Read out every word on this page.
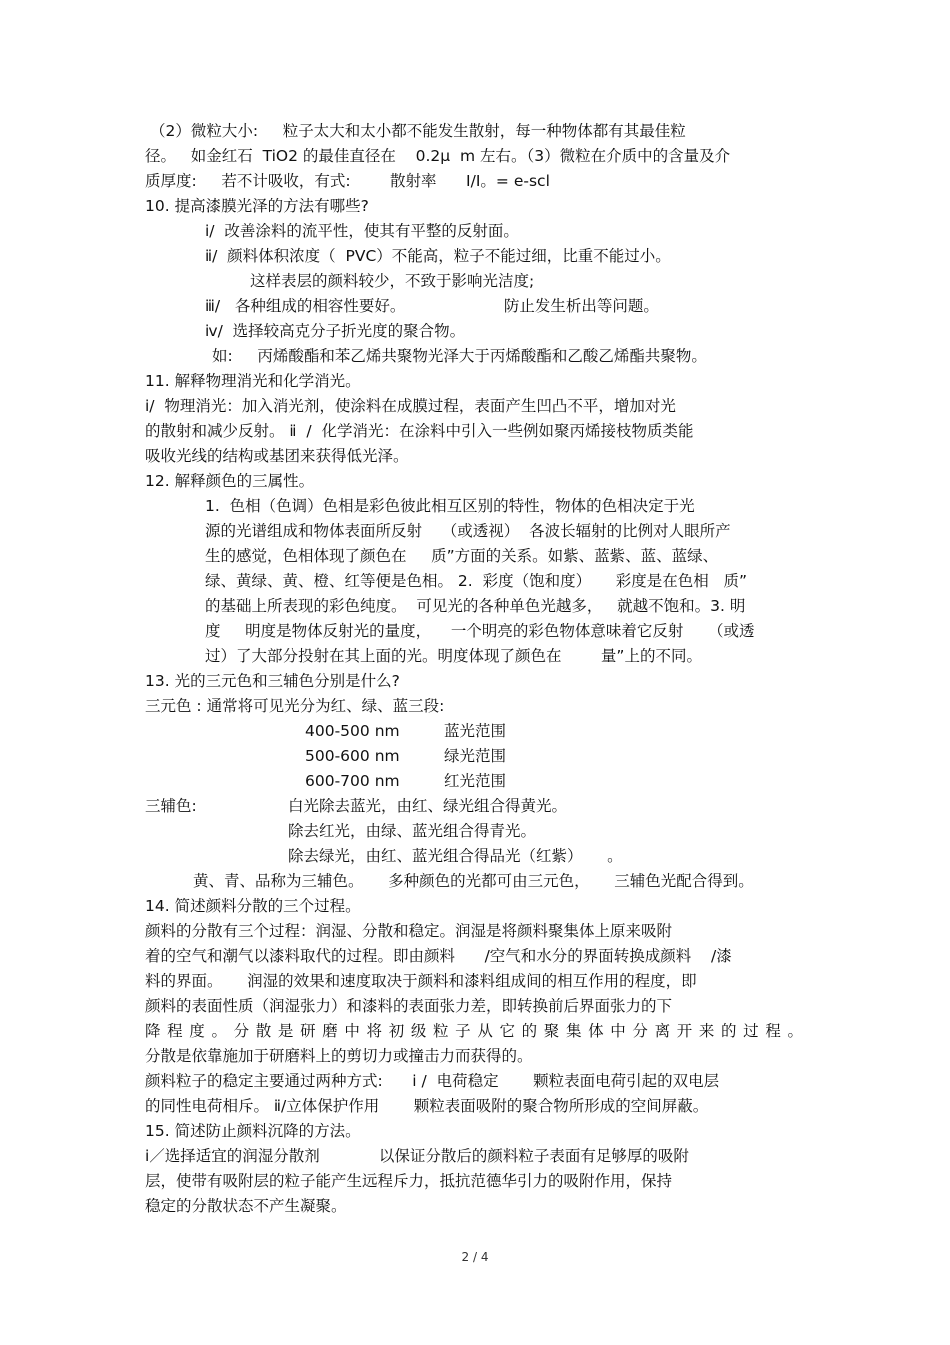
（2）微粒大小:     粒子太大和太小都不能发生散射，每一种物体都有其最佳粒
径。   如金红石  TiO2 的最佳直径在    0.2μ  m 左右。（3）微粒在介质中的含量及介
质厚度:     若不计吸收，有式:        散射率      I/I。= e-scl
10. 提高漆膜光泽的方法有哪些?
ⅰ/  改善涂料的流平性，使其有平整的反射面。
ⅱ/  颜料体积浓度（  PVC）不能高，粒子不能过细，比重不能过小。
这样表层的颜料较少，不致于影响光洁度;
ⅲ/   各种组成的相容性要好。                    防止发生析出等问题。
ⅳ/  选择较高克分子折光度的聚合物。
如:     丙烯酸酯和苯乙烯共聚物光泽大于丙烯酸酯和乙酸乙烯酯共聚物。
11. 解释物理消光和化学消光。
ⅰ/  物理消光：加入消光剂，使涂料在成膜过程，表面产生凹凸不平，增加对光
的散射和减少反射。 ⅱ  /  化学消光：在涂料中引入一些例如聚丙烯接枝物质类能
吸收光线的结构或基团来获得低光泽。
12. 解释颜色的三属性。
1.  色相（色调）色相是彩色彼此相互区别的特性，物体的色相决定于光
源的光谱组成和物体表面所反射    （或透视）  各波长辐射的比例对人眼所产
生的感觉，色相体现了颜色在     质”方面的关系。如紫、蓝紫、蓝、蓝绿、
绿、黄绿、黄、橙、红等便是色相。 2.  彩度（饱和度）     彩度是在色相   质”
的基础上所表现的彩色纯度。  可见光的各种单色光越多，   就越不饱和。3. 明
度     明度是物体反射光的量度，    一个明亮的彩色物体意味着它反射     （或透
过）了大部分投射在其上面的光。明度体现了颜色在        量”上的不同。
13. 光的三元色和三辅色分别是什么?
三元色 : 通常将可见光分为红、绿、蓝三段:
400-500 nm         蓝光范围
500-600 nm         绿光范围
600-700 nm         红光范围
三辅色:	白光除去蓝光，由红、绿光组合得黄光。
除去红光，由绿、蓝光组合得青光。
除去绿光，由红、蓝光组合得品光（红紫）     。
黄、青、品称为三辅色。     多种颜色的光都可由三元色，     三辅色光配合得到。
14. 简述颜料分散的三个过程。
颜料的分散有三个过程：润湿、分散和稳定。润湿是将颜料聚集体上原来吸附
着的空气和潮气以漆料取代的过程。即由颜料      /空气和水分的界面转换成颜料    /漆
料的界面。     润湿的效果和速度取决于颜料和漆料组成间的相互作用的程度，即
颜料的表面性质（润湿张力）和漆料的表面张力差，即转换前后界面张力的下
降 程 度 。 分 散 是 研 磨 中 将 初 级 粒 子 从 它 的 聚 集 体 中 分 离 开 来 的 过 程 。
分散是依靠施加于研磨料上的剪切力或撞击力而获得的。
颜料粒子的稳定主要通过两种方式:      ⅰ /  电荷稳定       颗粒表面电荷引起的双电层
的同性电荷相斥。 ⅱ/立体保护作用       颗粒表面吸附的聚合物所形成的空间屏蔽。
15. 简述防止颜料沉降的方法。
ⅰ／选择适宜的润湿分散剂            以保证分散后的颜料粒子表面有足够厚的吸附
层，使带有吸附层的粒子能产生远程斥力，抵抗范德华引力的吸附作用，保持
稳定的分散状态不产生凝聚。
2 / 4
